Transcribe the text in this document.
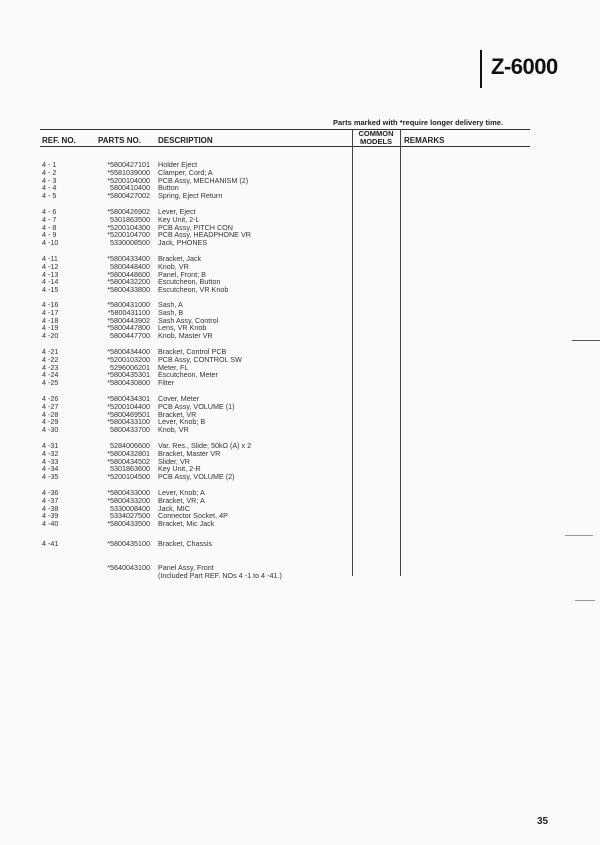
Z-6000
Parts marked with *require longer delivery time.
REF. NO.	PARTS NO. DESCRIPTION
COMMON MODELS	REMARKS
4 - 1	*5800427101 Holder Eject
4 - 2	*5581039000 Clamper, Cord; A
4 - 3	*5200104000 PCB Assy, MECHANISM (2)
4 - 4	5800410400 Button
4 - 5	*5800427002 Spring, Eject Return
4 - 6	*5800426902 Lever, Eject
4 - 7	5301863500 Key Unit, 2-L
4 - 8	*5200104300 PCB Assy, PITCH CON
4 - 9	*5200104700 PCB Assy, HEADPHONE VR
4 -10	5330008500 Jack, PHONES
4 -11	*5800433400 Bracket, Jack
4 -12	5800448400 Knob, VR
4 -13	*5800448600 Panel, Front; B
4 -14	*5800432200 Escutcheon, Button
4 -15	*5800433800 Escutcheon, VR Knob
4 -16	*5800431000 Sash, A
4 -17	*5800431100 Sash, B
4 -18	*5800443902 Sash Assy, Control
4 -19	*5800447800 Lens, VR Knob
4 -20	5800447700 Knob, Master VR
4 -21	*5800434400 Bracket, Control PCB
4 -22	*5200103200 PCB Assy, CONTROL SW
4 -23	5296006201 Meter, FL
4 -24	*5800435301 Escutcheon, Meter
4 -25	*5800430800 Filter
4 -26	*5800434301 Cover, Meter
4 -27	*5200104400 PCB Assy, VOLUME (1)
4 -28	*5800469501 Bracket, VR
4 -29	*5800433100 Lever, Knob; B
4 -30	5800433700 Knob, VR
4 -31	5284006600 Var. Res., Slide; 50kΩ (A) x 2
4 -32	*5800432801 Bracket, Master VR
4 -33	*5800434502 Slider, VR
4 -34	5301863600 Key Unit, 2-R
4 -35	*5200104500 PCB Assy, VOLUME (2)
4 -36	*5800433000 Lever, Knob; A
4 -37	*5800433200 Bracket, VR; A
4 -38	5330008400 Jack, MIC
4 -39	5334027500 Connector Socket, 4P
4 -40	*5800433500 Bracket, Mic Jack
4 -41	*5800435100 Bracket, Chassis
*5640043100 Panel Assy, Front
(Included Part REF. NOs 4 -1 to 4 -41.)
35
